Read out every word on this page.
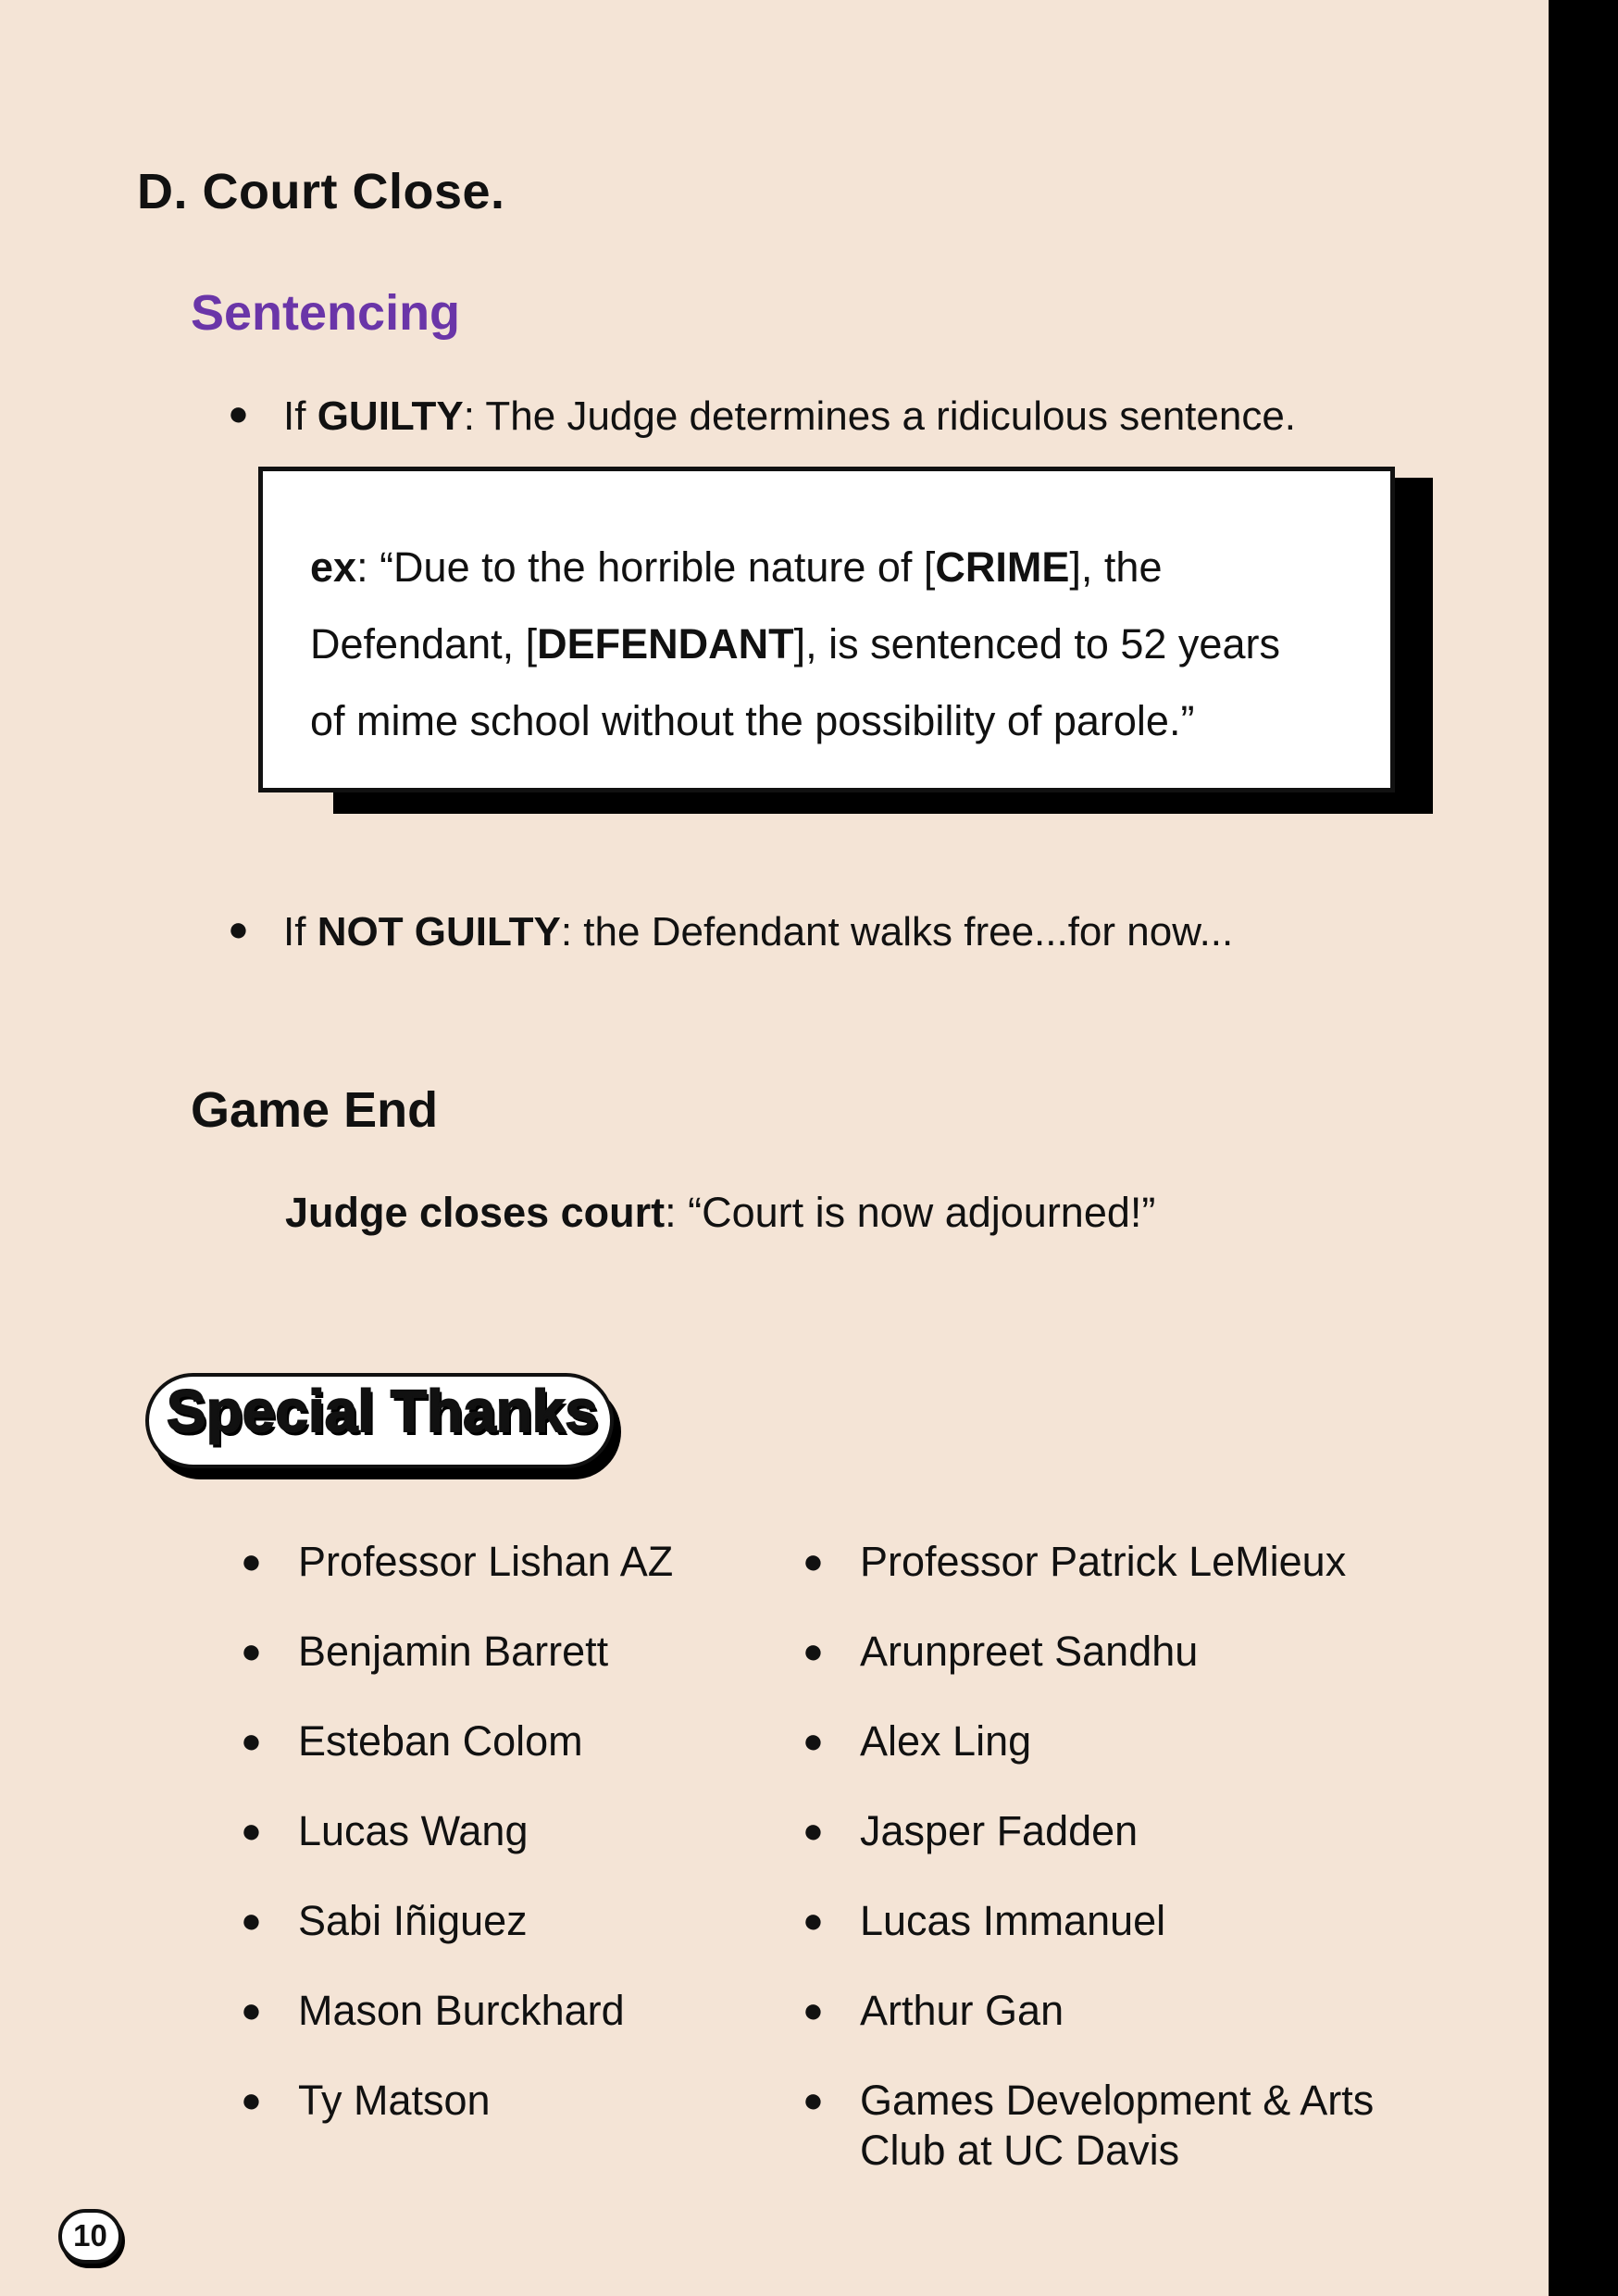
D. Court Close.
Sentencing
● If GUILTY: The Judge determines a ridiculous sentence.
ex: “Due to the horrible nature of [CRIME], the
Defendant, [DEFENDANT], is sentenced to 52 years
of mime school without the possibility of parole.”
● If NOT GUILTY: the Defendant walks free...for now...
Game End
Judge closes court: “Court is now adjourned!”
Special Thanks
● Professor Lishan AZ
● Benjamin Barrett
● Esteban Colom
● Lucas Wang
● Sabi Iñiguez
● Mason Burckhard
● Ty Matson
● Professor Patrick LeMieux
● Arunpreet Sandhu
● Alex Ling
● Jasper Fadden
● Lucas Immanuel
● Arthur Gan
● Games Development & Arts Club at UC Davis
10
